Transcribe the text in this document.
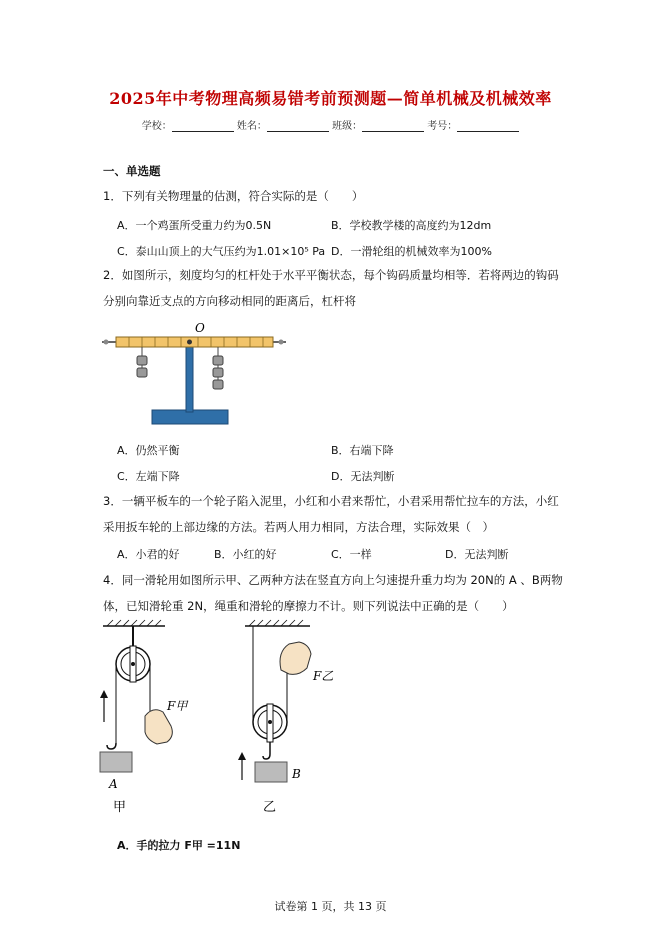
2025年中考物理高频易错考前预测题—简单机械及机械效率
学校：	姓名：	班级：	考号：
一、单选题
1．下列有关物理量的估测，符合实际的是（　　）
A．一个鸡蛋所受重力约为0.5N	B．学校教学楼的高度约为12dm
C．泰山山顶上的大气压约为1.01×10⁵ Pa D．一滑轮组的机械效率为100%
2．如图所示，刻度均匀的杠杆处于水平平衡状态，每个钩码质量均相等．若将两边的钩码
分别向靠近支点的方向移动相同的距离后，杠杆将
O
A．仍然平衡	B．右端下降
C．左端下降	D．无法判断
3．一辆平板车的一个轮子陷入泥里，小红和小君来帮忙，小君采用帮忙拉车的方法，小红
采用扳车轮的上部边缘的方法。若两人用力相同，方法合理，实际效果（　）
A．小君的好	B．小红的好	C．一样	D．无法判断
4．同一滑轮用如图所示甲、乙两种方法在竖直方向上匀速提升重力均为 20N的 A 、B两物
体，已知滑轮重 2N，绳重和滑轮的摩擦力不计。则下列说法中正确的是（　　）
A
F甲
甲
B
F乙
乙
A．手的拉力 F甲 =11N
试卷第 1 页，共 13 页
